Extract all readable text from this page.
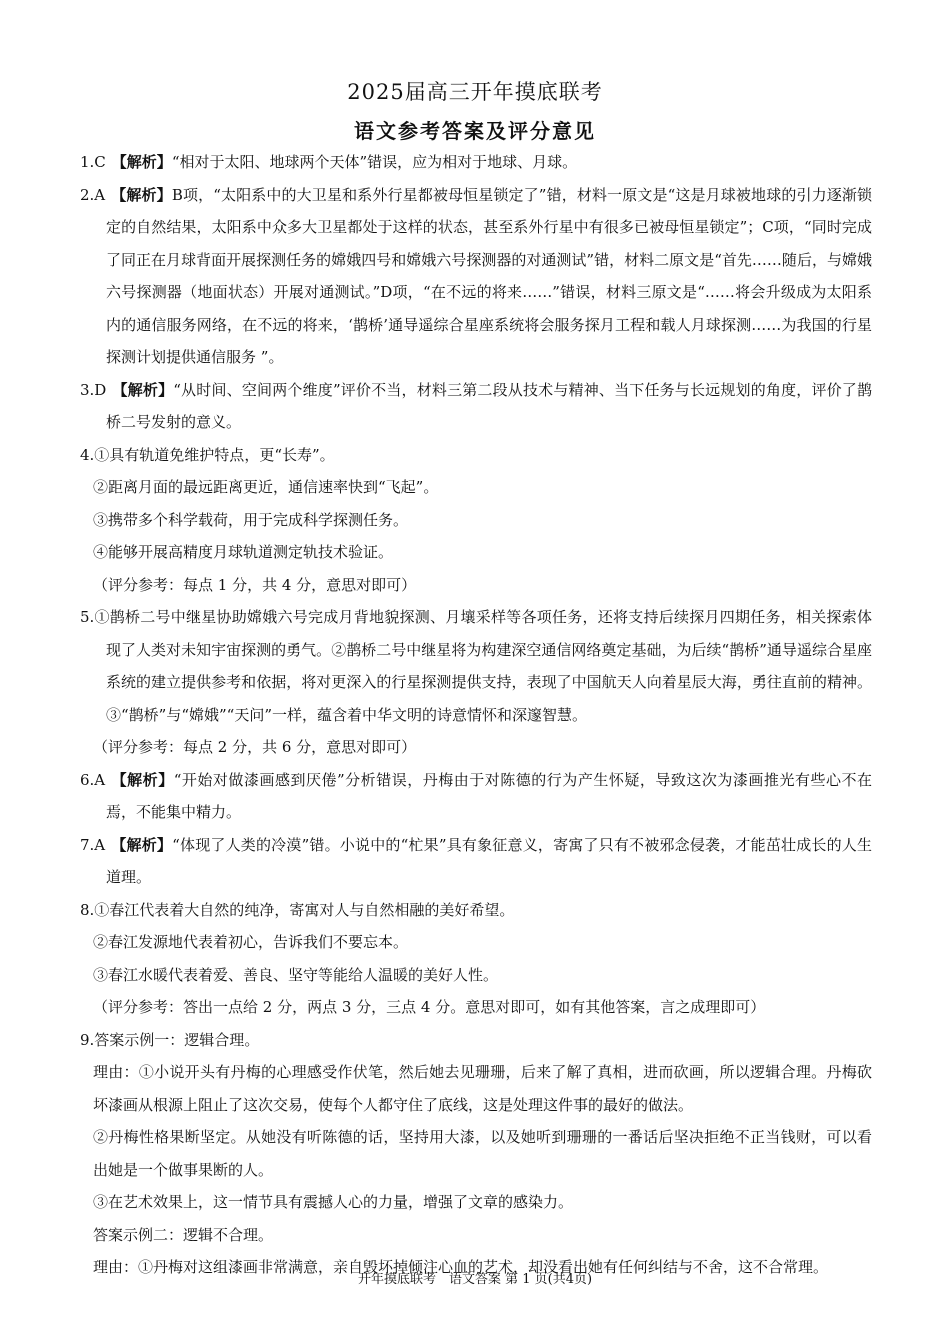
2025届高三开年摸底联考
语文参考答案及评分意见

1.C 【解析】“相对于太阳、地球两个天体”错误，应为相对于地球、月球。

2.A 【解析】B项，“太阳系中的大卫星和系外行星都被母恒星锁定了”错，材料一原文是“这是月球被地球的引力逐渐锁定的自然结果，太阳系中众多大卫星都处于这样的状态，甚至系外行星中有很多已被母恒星锁定”；C项，“同时完成了同正在月球背面开展探测任务的嫦娥四号和嫦娥六号探测器的对通测试”错，材料二原文是“首先……随后，与嫦娥六号探测器（地面状态）开展对通测试。”D项，“在不远的将来……”错误，材料三原文是“……将会升级成为太阳系内的通信服务网络，在不远的将来，‘鹊桥’通导遥综合星座系统将会服务探月工程和载人月球探测……为我国的行星探测计划提供通信服务 ”。

3.D 【解析】“从时间、空间两个维度”评价不当，材料三第二段从技术与精神、当下任务与长远规划的角度，评价了鹊桥二号发射的意义。

4.①具有轨道免维护特点，更“长寿”。

②距离月面的最远距离更近，通信速率快到“飞起”。

③携带多个科学载荷，用于完成科学探测任务。

④能够开展高精度月球轨道测定轨技术验证。

（评分参考：每点 1 分，共 4 分，意思对即可）

5.①鹊桥二号中继星协助嫦娥六号完成月背地貌探测、月壤采样等各项任务，还将支持后续探月四期任务，相关探索体现了人类对未知宇宙探测的勇气。②鹊桥二号中继星将为构建深空通信网络奠定基础，为后续“鹊桥”通导遥综合星座系统的建立提供参考和依据，将对更深入的行星探测提供支持，表现了中国航天人向着星辰大海，勇往直前的精神。③“鹊桥”与“嫦娥”“天问”一样，蕴含着中华文明的诗意情怀和深邃智慧。

（评分参考：每点 2 分，共 6 分，意思对即可）

6.A 【解析】“开始对做漆画感到厌倦”分析错误，丹梅由于对陈德的行为产生怀疑，导致这次为漆画推光有些心不在焉，不能集中精力。

7.A 【解析】“体现了人类的冷漠”错。小说中的“杧果”具有象征意义，寄寓了只有不被邪念侵袭，才能茁壮成长的人生道理。

8.①春江代表着大自然的纯净，寄寓对人与自然相融的美好希望。

②春江发源地代表着初心，告诉我们不要忘本。

③春江水暖代表着爱、善良、坚守等能给人温暖的美好人性。

（评分参考：答出一点给 2 分，两点 3 分，三点 4 分。意思对即可，如有其他答案，言之成理即可）

9.答案示例一：逻辑合理。

理由：①小说开头有丹梅的心理感受作伏笔，然后她去见珊珊，后来了解了真相，进而砍画，所以逻辑合理。丹梅砍坏漆画从根源上阻止了这次交易，使每个人都守住了底线，这是处理这件事的最好的做法。

②丹梅性格果断坚定。从她没有听陈德的话，坚持用大漆，以及她听到珊珊的一番话后坚决拒绝不正当钱财，可以看出她是一个做事果断的人。

③在艺术效果上，这一情节具有震撼人心的力量，增强了文章的感染力。

答案示例二：逻辑不合理。

理由：①丹梅对这组漆画非常满意，亲自毁坏掉倾注心血的艺术，却没看出她有任何纠结与不舍，这不合常理。

开年摸底联考　语文答案 第 1 页(共4页)
